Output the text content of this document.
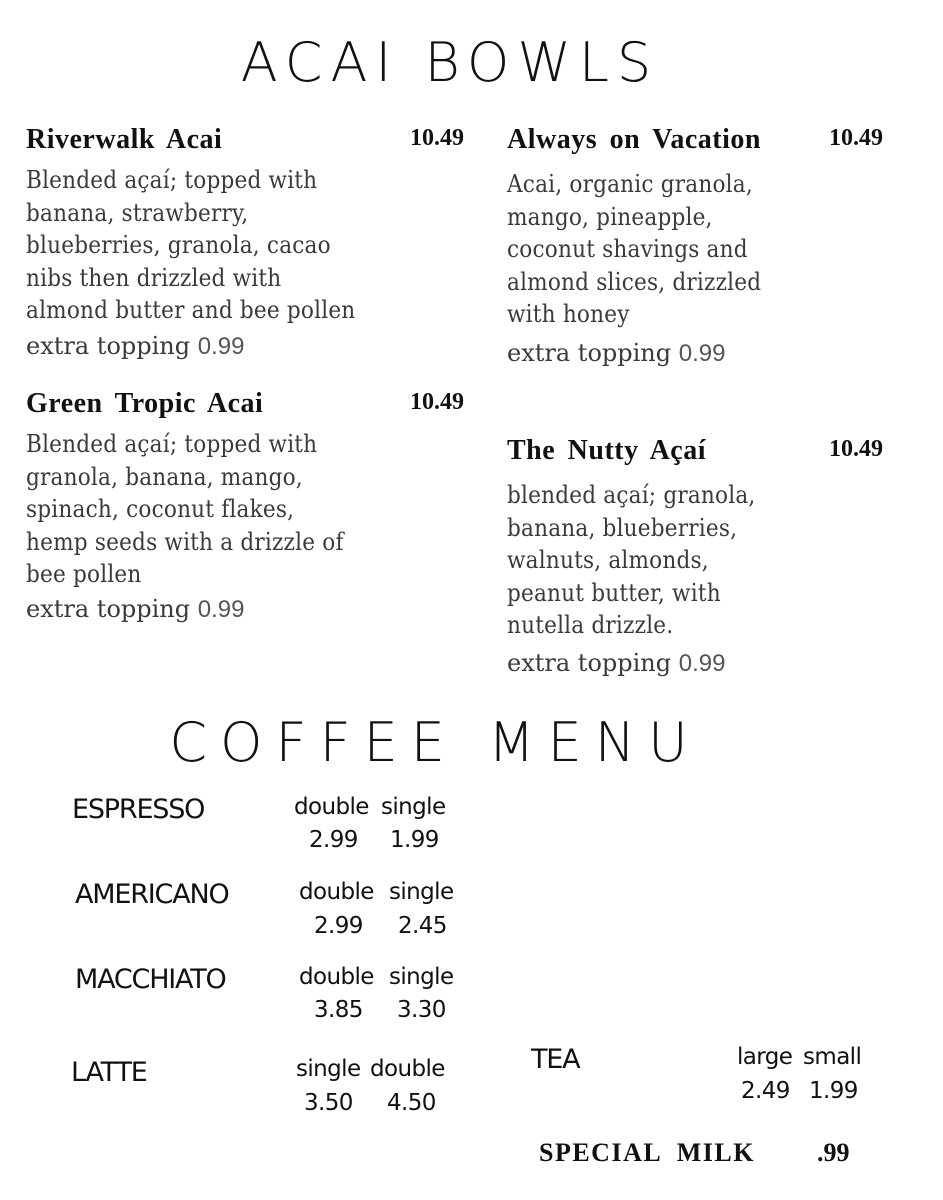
ACAI BOWLS
Riverwalk Acai	10.49
Blended açaí; topped with
banana, strawberry,
blueberries, granola, cacao
nibs then drizzled with
almond butter and bee pollen
extra topping 0.99
Always on Vacation	10.49
Acai, organic granola,
mango, pineapple,
coconut shavings and
almond slices, drizzled
with honey
extra topping 0.99
Green Tropic Acai	10.49
Blended açaí; topped with
granola, banana, mango,
spinach, coconut flakes,
hemp seeds with a drizzle of
bee pollen
extra topping 0.99
The Nutty Açaí	10.49
blended açaí; granola,
banana, blueberries,
walnuts, almonds,
peanut butter, with
nutella drizzle.
extra topping 0.99
COFFEE MENU
ESPRESSO	double single
2.99 1.99
AMERICANO	double single
2.99 2.45
MACCHIATO	double single
3.85 3.30
LATTE	single double
3.50 4.50
TEA	large small
2.49 1.99
SPECIAL MILK .99
